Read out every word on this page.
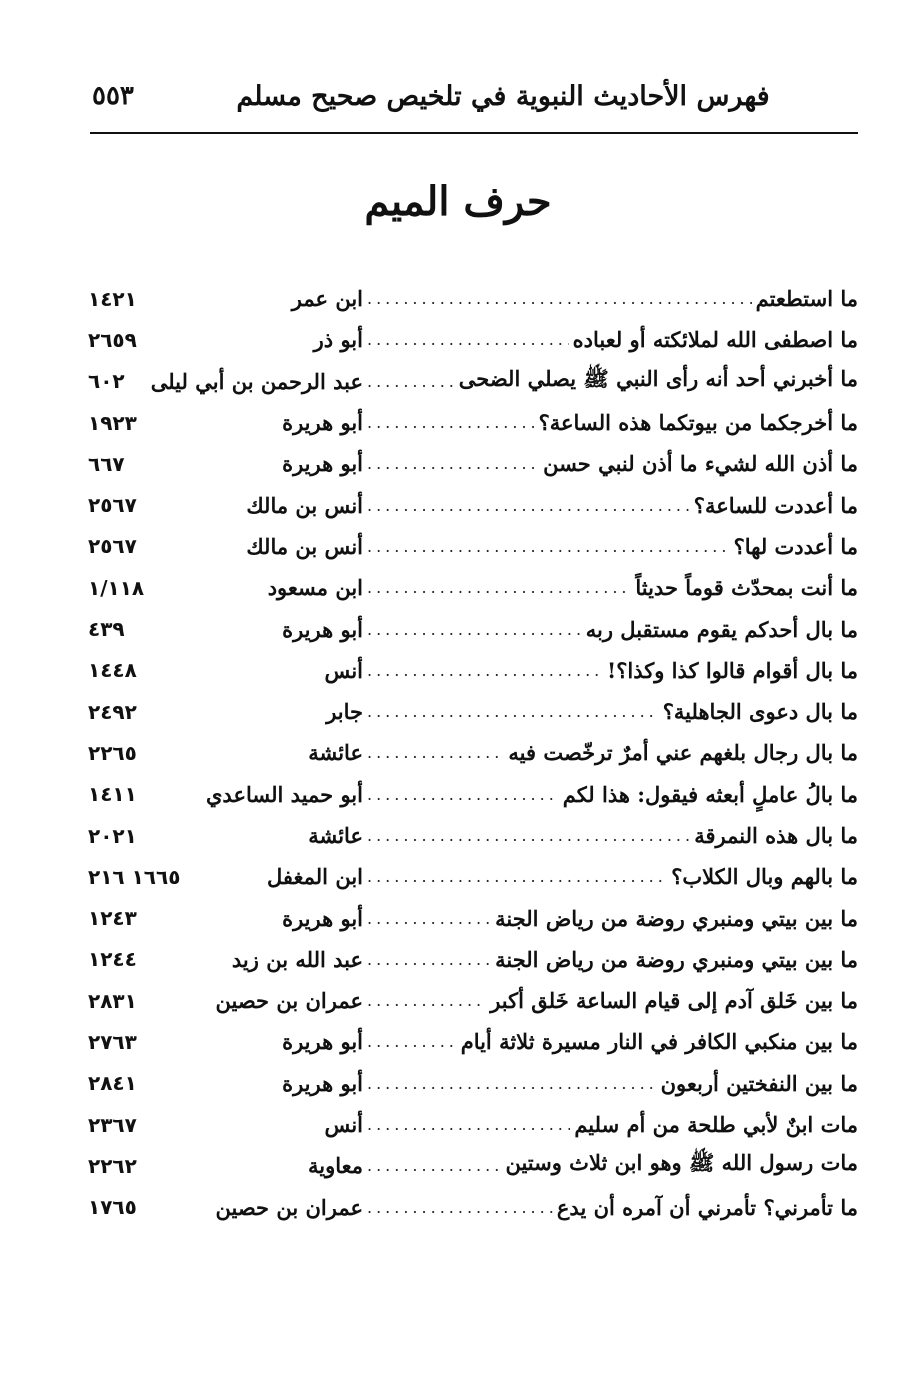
فهرس الأحاديث النبوية في تلخيص صحيح مسلم
٥٥٣
حرف الميم
ما استطعتم
.....
ابن عمر
١٤٢١
ما اصطفى الله لملائكته أو لعباده
.....
أبو ذر
٢٦٥٩
ما أخبرني أحد أنه رأى النبي ﷺ يصلي الضحى
.....
عبد الرحمن بن أبي ليلى
٦٠٢
ما أخرجكما من بيوتكما هذه الساعة؟
.....
أبو هريرة
١٩٢٣
ما أذن الله لشيء ما أذن لنبي حسن
.....
أبو هريرة
٦٦٧
ما أعددت للساعة؟
.....
أنس بن مالك
٢٥٦٧
ما أعددت لها؟
.....
أنس بن مالك
٢٥٦٧
ما أنت بمحدّث قوماً حديثاً
.....
ابن مسعود
١/١١٨
ما بال أحدكم يقوم مستقبل ربه
.....
أبو هريرة
٤٣٩
ما بال أقوام قالوا كذا وكذا؟!
.....
أنس
١٤٤٨
ما بال دعوى الجاهلية؟
.....
جابر
٢٤٩٢
ما بال رجال بلغهم عني أمرٌ ترخّصت فيه
.....
عائشة
٢٢٦٥
ما بالُ عاملٍ أبعثه فيقول: هذا لكم
.....
أبو حميد الساعدي
١٤١١
ما بال هذه النمرقة
.....
عائشة
٢٠٢١
ما بالهم وبال الكلاب؟
.....
ابن المغفل
١٦٦٥ ٢١٦
ما بين بيتي ومنبري روضة من رياض الجنة
.....
أبو هريرة
١٢٤٣
ما بين بيتي ومنبري روضة من رياض الجنة
.....
عبد الله بن زيد
١٢٤٤
ما بين خَلق آدم إلى قيام الساعة خَلق أكبر
.....
عمران بن حصين
٢٨٣١
ما بين منكبي الكافر في النار مسيرة ثلاثة أيام
.....
أبو هريرة
٢٧٦٣
ما بين النفختين أربعون
.....
أبو هريرة
٢٨٤١
مات ابنٌ لأبي طلحة من أم سليم
.....
أنس
٢٣٦٧
مات رسول الله ﷺ وهو ابن ثلاث وستين
.....
معاوية
٢٢٦٢
ما تأمرني؟ تأمرني أن آمره أن يدع
.....
عمران بن حصين
١٧٦٥
